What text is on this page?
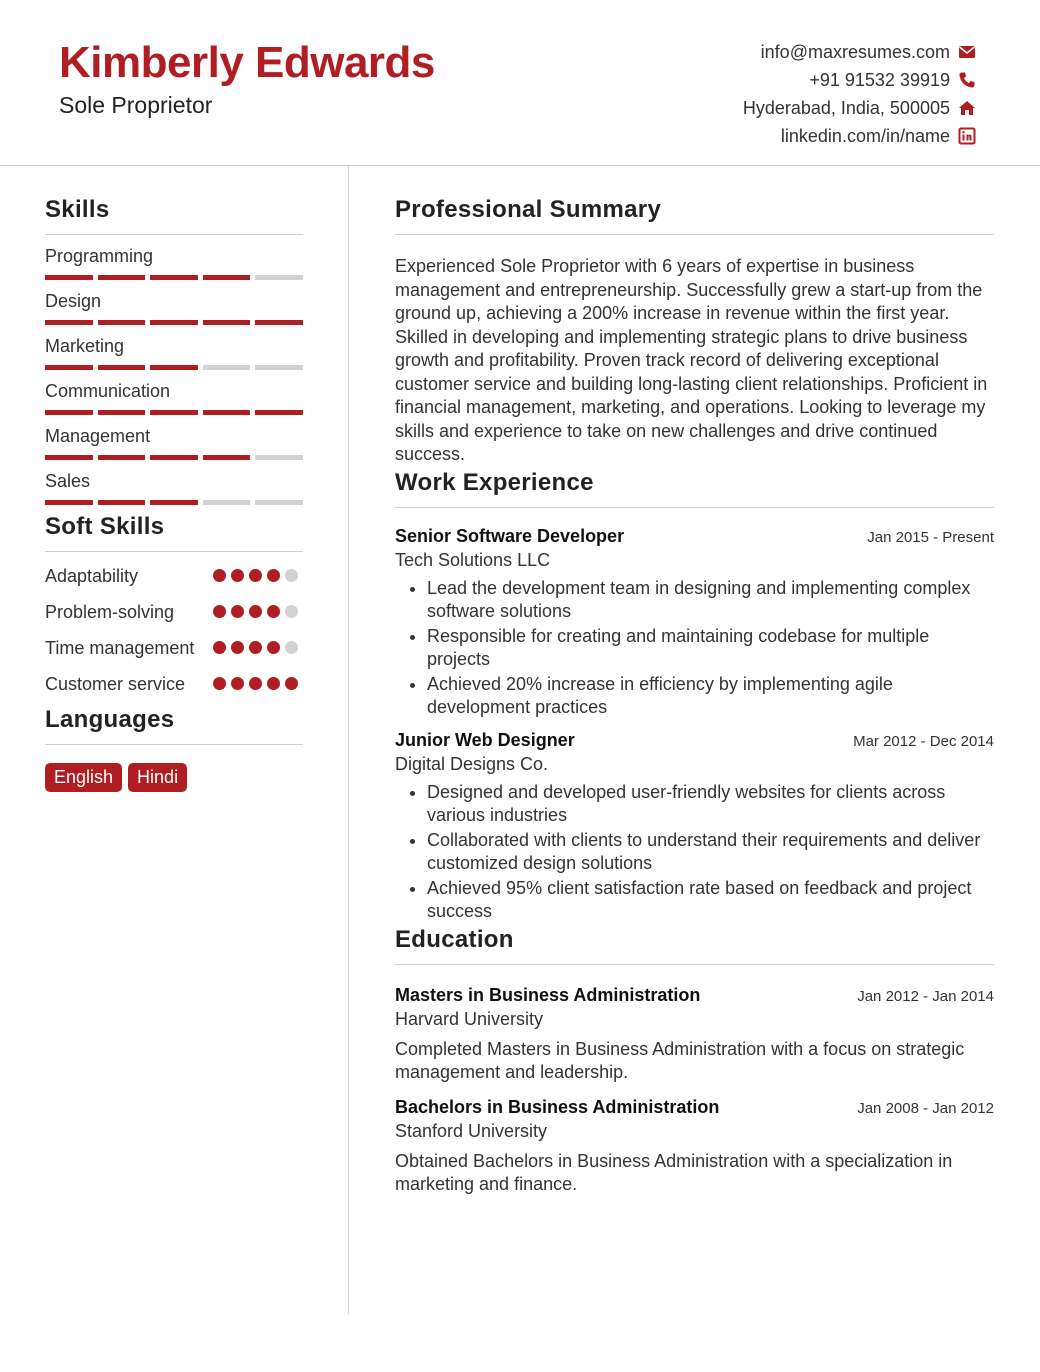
Kimberly Edwards
Sole Proprietor
info@maxresumes.com
+91 91532 39919
Hyderabad, India, 500005
linkedin.com/in/name
Skills
Programming
Design
Marketing
Communication
Management
Sales
Soft Skills
Adaptability
Problem-solving
Time management
Customer service
Languages
English	Hindi
Professional Summary

Experienced Sole Proprietor with 6 years of expertise in business management and entrepreneurship. Successfully grew a start-up from the ground up, achieving a 200% increase in revenue within the first year. Skilled in developing and implementing strategic plans to drive business growth and profitability. Proven track record of delivering exceptional customer service and building long-lasting client relationships. Proficient in financial management, marketing, and operations. Looking to leverage my skills and experience to take on new challenges and drive continued success.

Work Experience
Senior Software Developer	Jan 2015 - Present
Tech Solutions LLC
• Lead the development team in designing and implementing complex software solutions
• Responsible for creating and maintaining codebase for multiple projects
• Achieved 20% increase in efficiency by implementing agile development practices
Junior Web Designer	Mar 2012 - Dec 2014
Digital Designs Co.
• Designed and developed user-friendly websites for clients across various industries
• Collaborated with clients to understand their requirements and deliver customized design solutions
• Achieved 95% client satisfaction rate based on feedback and project success
Education
Masters in Business Administration	Jan 2012 - Jan 2014
Harvard University
Completed Masters in Business Administration with a focus on strategic management and leadership.
Bachelors in Business Administration	Jan 2008 - Jan 2012
Stanford University
Obtained Bachelors in Business Administration with a specialization in marketing and finance.
